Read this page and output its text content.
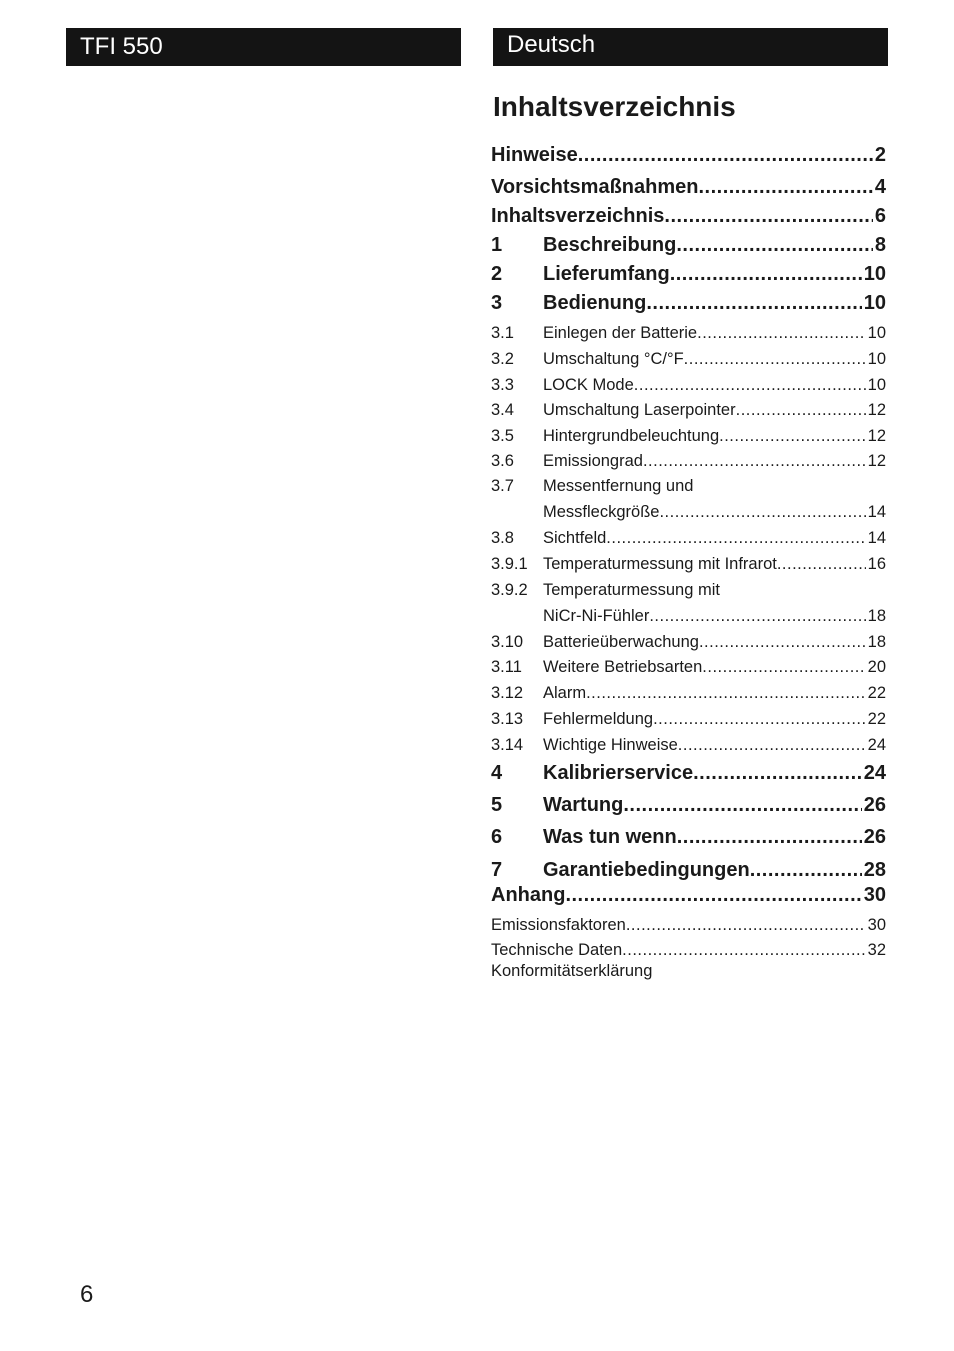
TFI 550	Deutsch
Inhaltsverzeichnis
Hinweise .....	2
Vorsichtsmaßnahmen .....	4
Inhaltsverzeichnis .....	6
1	Beschreibung .....	8
2	Lieferumfang .....	10
3	Bedienung .....	10
3.1	Einlegen der Batterie .....	10
3.2	Umschaltung °C/°F .....	10
3.3	LOCK Mode .....	10
3.4	Umschaltung Laserpointer .....	12
3.5	Hintergrundbeleuchtung .....	12
3.6	Emissiongrad .....	12
3.7	Messentfernung und
Messfleckgröße .....	14
3.8	Sichtfeld .....	14
3.9.1 Temperaturmessung mit Infrarot .....	16
3.9.2 Temperaturmessung mit
NiCr-Ni-Fühler .....	18
3.10	Batterieüberwachung .....	18
3.11	Weitere Betriebsarten .....	20
3.12	Alarm .....	22
3.13	Fehlermeldung .....	22
3.14	Wichtige Hinweise .....	24
4	Kalibrierservice .....	24
5	Wartung .....	26
6	Was tun wenn .....	26
7	Garantiebedingungen .....	28
Anhang .....	30
Emissionsfaktoren .....	30
Technische Daten .....	32
Konformitätserklärung
6
